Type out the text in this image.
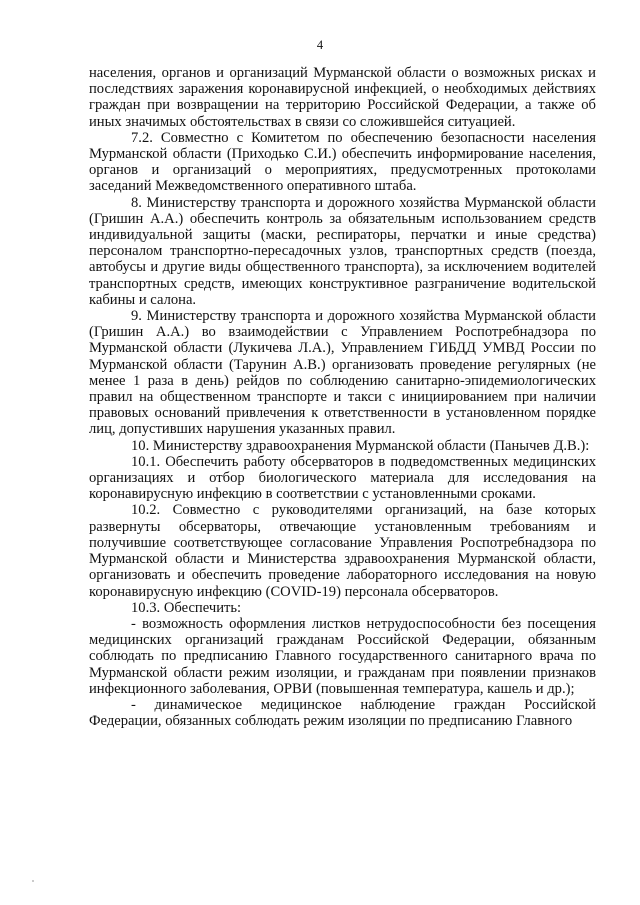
4

населения, органов и организаций Мурманской области о возможных рисках и последствиях заражения коронавирусной инфекцией, о необходимых действиях граждан при возвращении на территорию Российской Федерации, а также об иных значимых обстоятельствах в связи со сложившейся ситуацией.

7.2. Совместно с Комитетом по обеспечению безопасности населения Мурманской области (Приходько С.И.) обеспечить информирование населения, органов и организаций о мероприятиях, предусмотренных протоколами заседаний Межведомственного оперативного штаба.

8. Министерству транспорта и дорожного хозяйства Мурманской области (Гришин А.А.) обеспечить контроль за обязательным использованием средств индивидуальной защиты (маски, респираторы, перчатки и иные средства) персоналом транспортно-пересадочных узлов, транспортных средств (поезда, автобусы и другие виды общественного транспорта), за исключением водителей транспортных средств, имеющих конструктивное разграничение водительской кабины и салона.

9. Министерству транспорта и дорожного хозяйства Мурманской области (Гришин А.А.) во взаимодействии с Управлением Роспотребнадзора по Мурманской области (Лукичева Л.А.), Управлением ГИБДД УМВД России по Мурманской области (Тарунин А.В.) организовать проведение регулярных (не менее 1 раза в день) рейдов по соблюдению санитарно-эпидемиологических правил на общественном транспорте и такси с инициированием при наличии правовых оснований привлечения к ответственности в установленном порядке лиц, допустивших нарушения указанных правил.

10. Министерству здравоохранения Мурманской области (Панычев Д.В.):

10.1. Обеспечить работу обсерваторов в подведомственных медицинских организациях и отбор биологического материала для исследования на коронавирусную инфекцию в соответствии с установленными сроками.

10.2. Совместно с руководителями организаций, на базе которых развернуты обсерваторы, отвечающие установленным требованиям и получившие соответствующее согласование Управления Роспотребнадзора по Мурманской области и Министерства здравоохранения Мурманской области, организовать и обеспечить проведение лабораторного исследования на новую коронавирусную инфекцию (COVID-19) персонала обсерваторов.

10.3. Обеспечить:

- возможность оформления листков нетрудоспособности без посещения медицинских организаций гражданам Российской Федерации, обязанным соблюдать по предписанию Главного государственного санитарного врача по Мурманской области режим изоляции, и гражданам при появлении признаков инфекционного заболевания, ОРВИ (повышенная температура, кашель и др.);

- динамическое медицинское наблюдение граждан Российской Федерации, обязанных соблюдать режим изоляции по предписанию Главного
